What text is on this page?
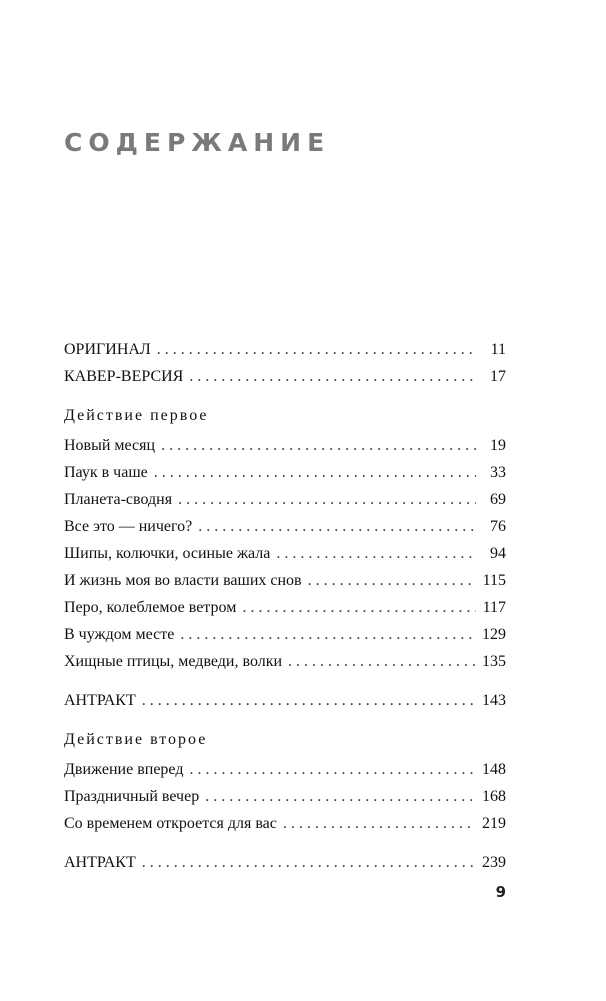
СОДЕРЖАНИЕ
ОРИГИНАЛ . . .	11
КАВЕР-ВЕРСИЯ . . .	17
Действие первое
Новый месяц . . .	19
Паук в чаше . . .	33
Планета-сводня . . .	69
Все это — ничего? . . .	76
Шипы, колючки, осиные жала . . .	94
И жизнь моя во власти ваших снов . . .	115
Перо, колеблемое ветром . . .	117
В чуждом месте . . .	129
Хищные птицы, медведи, волки . . .	135
АНТРАКТ . . .	143
Действие второе
Движение вперед . . .	148
Праздничный вечер . . .	168
Со временем откроется для вас . . .	219
АНТРАКТ . . .	239
9
